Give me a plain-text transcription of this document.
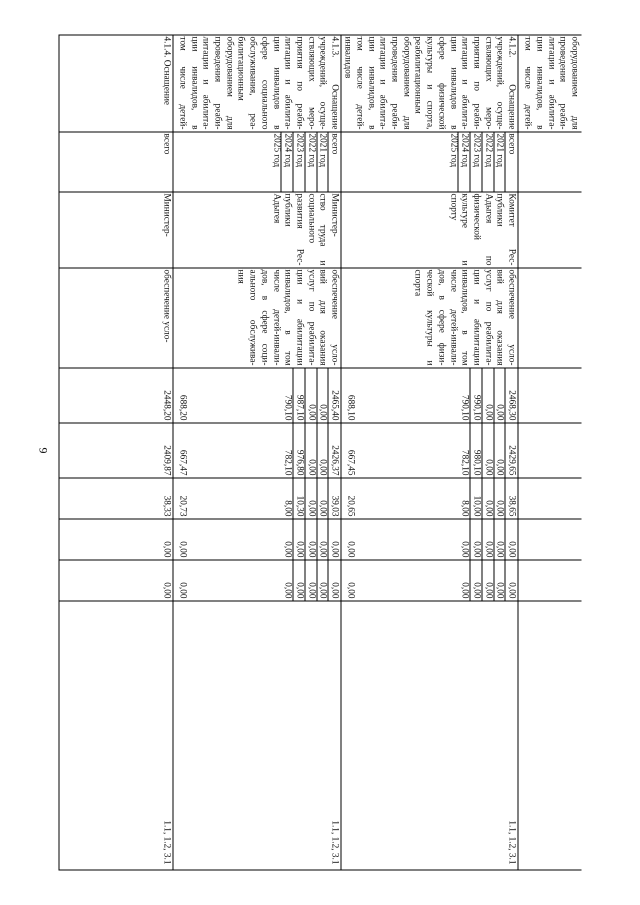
9
оборудованием для
проведения реаби-
литации и абилита-
ции инвалидов, в
том числе детей-
4.1.2. Оснащение
учреждений, осуще-
ствляющих меро-
приятия по реаби-
литации и абилита-
ции инвалидов в
сфере физической
культуры и спорта,
реабилитационным
оборудованием для
проведения реаби-
литации и абилита-
ции инвалидов, в
том числе детей-
инвалидов
всего
2021 год
2022 год
2023 год
2024 год
2025 год
Комитет Рес-
публики
Адыгея по
физической
культуре и
спорту
обеспечение усло-
вий для оказания
услуг по реабилита-
ции и абилитации
инвалидов, в том
числе детей-инвали-
дов, в сфере физи-
ческой культуры и
спорта
2468,30
0,00
0,00
990,10
790,10
688,10
2429,65
0,00
0,00
980,10
782,10
667,45
38,65
0,00
0,00
10,00
8,00
20,65
0,00
0,00
0,00
0,00
0,00
0,00
0,00
0,00
0,00
0,00
0,00
0,00
1.1, 1.2, 3.1
4.1.3. Оснащение
учреждений, осуще-
ствляющих меро-
приятия по реаби-
литации и абилита-
ции инвалидов в
сфере социального
обслуживания, реа-
билитационным
оборудованием для
проведения реаби-
литации и абилита-
ции инвалидов, в
том числе детей-
всего
2021 год
2022 год
2023 год
2024 год
2025 год
Министер-
ство труда и
социального
развития Рес-
публики
Адыгея
обеспечение усло-
вий для оказания
услуг по реабилита-
ции и абилитации
инвалидов, в том
числе детей-инвали-
дов, в сфере соци-
ального обслужива-
ния
2465,40
0,00
0,00
987,10
790,10
688,20
2426,37
0,00
0,00
976,80
782,10
667,47
39,03
0,00
0,00
10,30
8,00
20,73
0,00
0,00
0,00
0,00
0,00
0,00
0,00
0,00
0,00
0,00
0,00
0,00
1.1, 1.2, 3.1
4.1.4. Оснащение
всего
Министер-
обеспечение усло-
2448,20
2409,87
38,33
0,00
0,00
1.1, 1.2, 3.1
